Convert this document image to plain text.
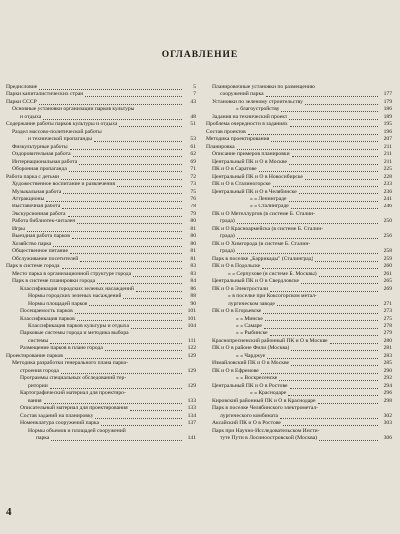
ОГЛАВЛЕНИЕ
Предисловие	5
Парки капиталистических стран	7
Парки СССР	43
Основные установки организации парков культуры
и отдыха	48
Содержание работы парков культуры и отдыха	51
Раздел массово-политической работы
и технической пропаганды	53
Физкультурные работы	61
Оздоровительная работа	62
Интернациональная работа	69
Оборонная пропаганда	71
Работа парка с детьми	72
Художественное воспитание и развлечения	73
Музыкальная работа	75
Аттракционы	76
Выставочная работа	78
Экскурсионная работа	79
Работа библиотек-читален	80
Игры	81
Выездная работа парков	80
Хозяйство парка	80
Общественное питание	81
Обслуживание посетителей	81
Парк в системе города	83
Место парка в организационной структуре города	83
Парк в системе планировки города	84
Классификация городских зеленых насаждений	86
Нормы городских зеленых насаждений	88
Нормы площадей парков	90
Посещаемость парков	101
Классификация парков	101
Классификация парков культуры и отдыха	104
Парковые системы города и методика выбора
системы	111
Размещение парков в плане города	122
Проектирование парков	129
Методика разработки генерального плана парко-
строения города	129
Программы специальных обследований тер-
ритории	129
Картографический материал для проектиро-
вания	133
Описательный материал для проектирования	133
Состав заданий на планировку	134
Номенклатура сооружений парка	137
Нормы объемов и площадей сооружений
парка	141
Планировочные установки по размещению
сооружений парка	177
Установки по зеленому строительству	179
» благоустройству	186
Задания на технический проект	189
Проблема очередности в заданиях	195
Состав проектов	196
Методика проектирования	207
Планировка	211
Описание примеров планировки	211
Центральный ПК и О в Москве	211
ПК и О в Саратове	225
Центральный ПК и О в Новосибирске	228
ПК и О в Сталиногорске	233
Центральный ПК и О в Челябинске	236
» » Ленинграде	241
» » Сталинграде	246
ПК и О Метеллургов (в системе Б. Сталин-
града)	250
ПК и О Красноармейска (в системе Б. Сталин-
града)	256
ПК и О Химгорода (в системе Б. Сталин-
града)	258
Парк в поселке „Баррикады" (Сталинград)	259
ПК и О в Подольске	260
» » Серпухове (в системе Б. Москвы)	261
Центральный ПК и О в Свердловске	265
ПК и О в Электростали	269
» в поселке при Коксогорском метал-
лургическом заводе	271
ПК и О в Егорьевске	273
» » Минске	275
» » Самаре	278
» » Рыбинске	279
Краснопресненский районный ПК и О в Москве	280
ПК и О в районе Фили (Москва)	281
» » Чарджуе	283
Измайловский ПК и О в Москве	285
ПК и О в Ефремове	290
» » Воскресенске	292
Центральный ПК и О в Ростове	294
» » Краснодаре	296
Кировский районный ПК и О в Краснодаре	298
Парк в поселке Челябинского электрометал-
лургического комбината	302
Аксайский ПК и О в Ростове	303
Парк при Научно-Исследовательском Инсти-
туте Пути в Лосиноостровской (Москва)	306
4
